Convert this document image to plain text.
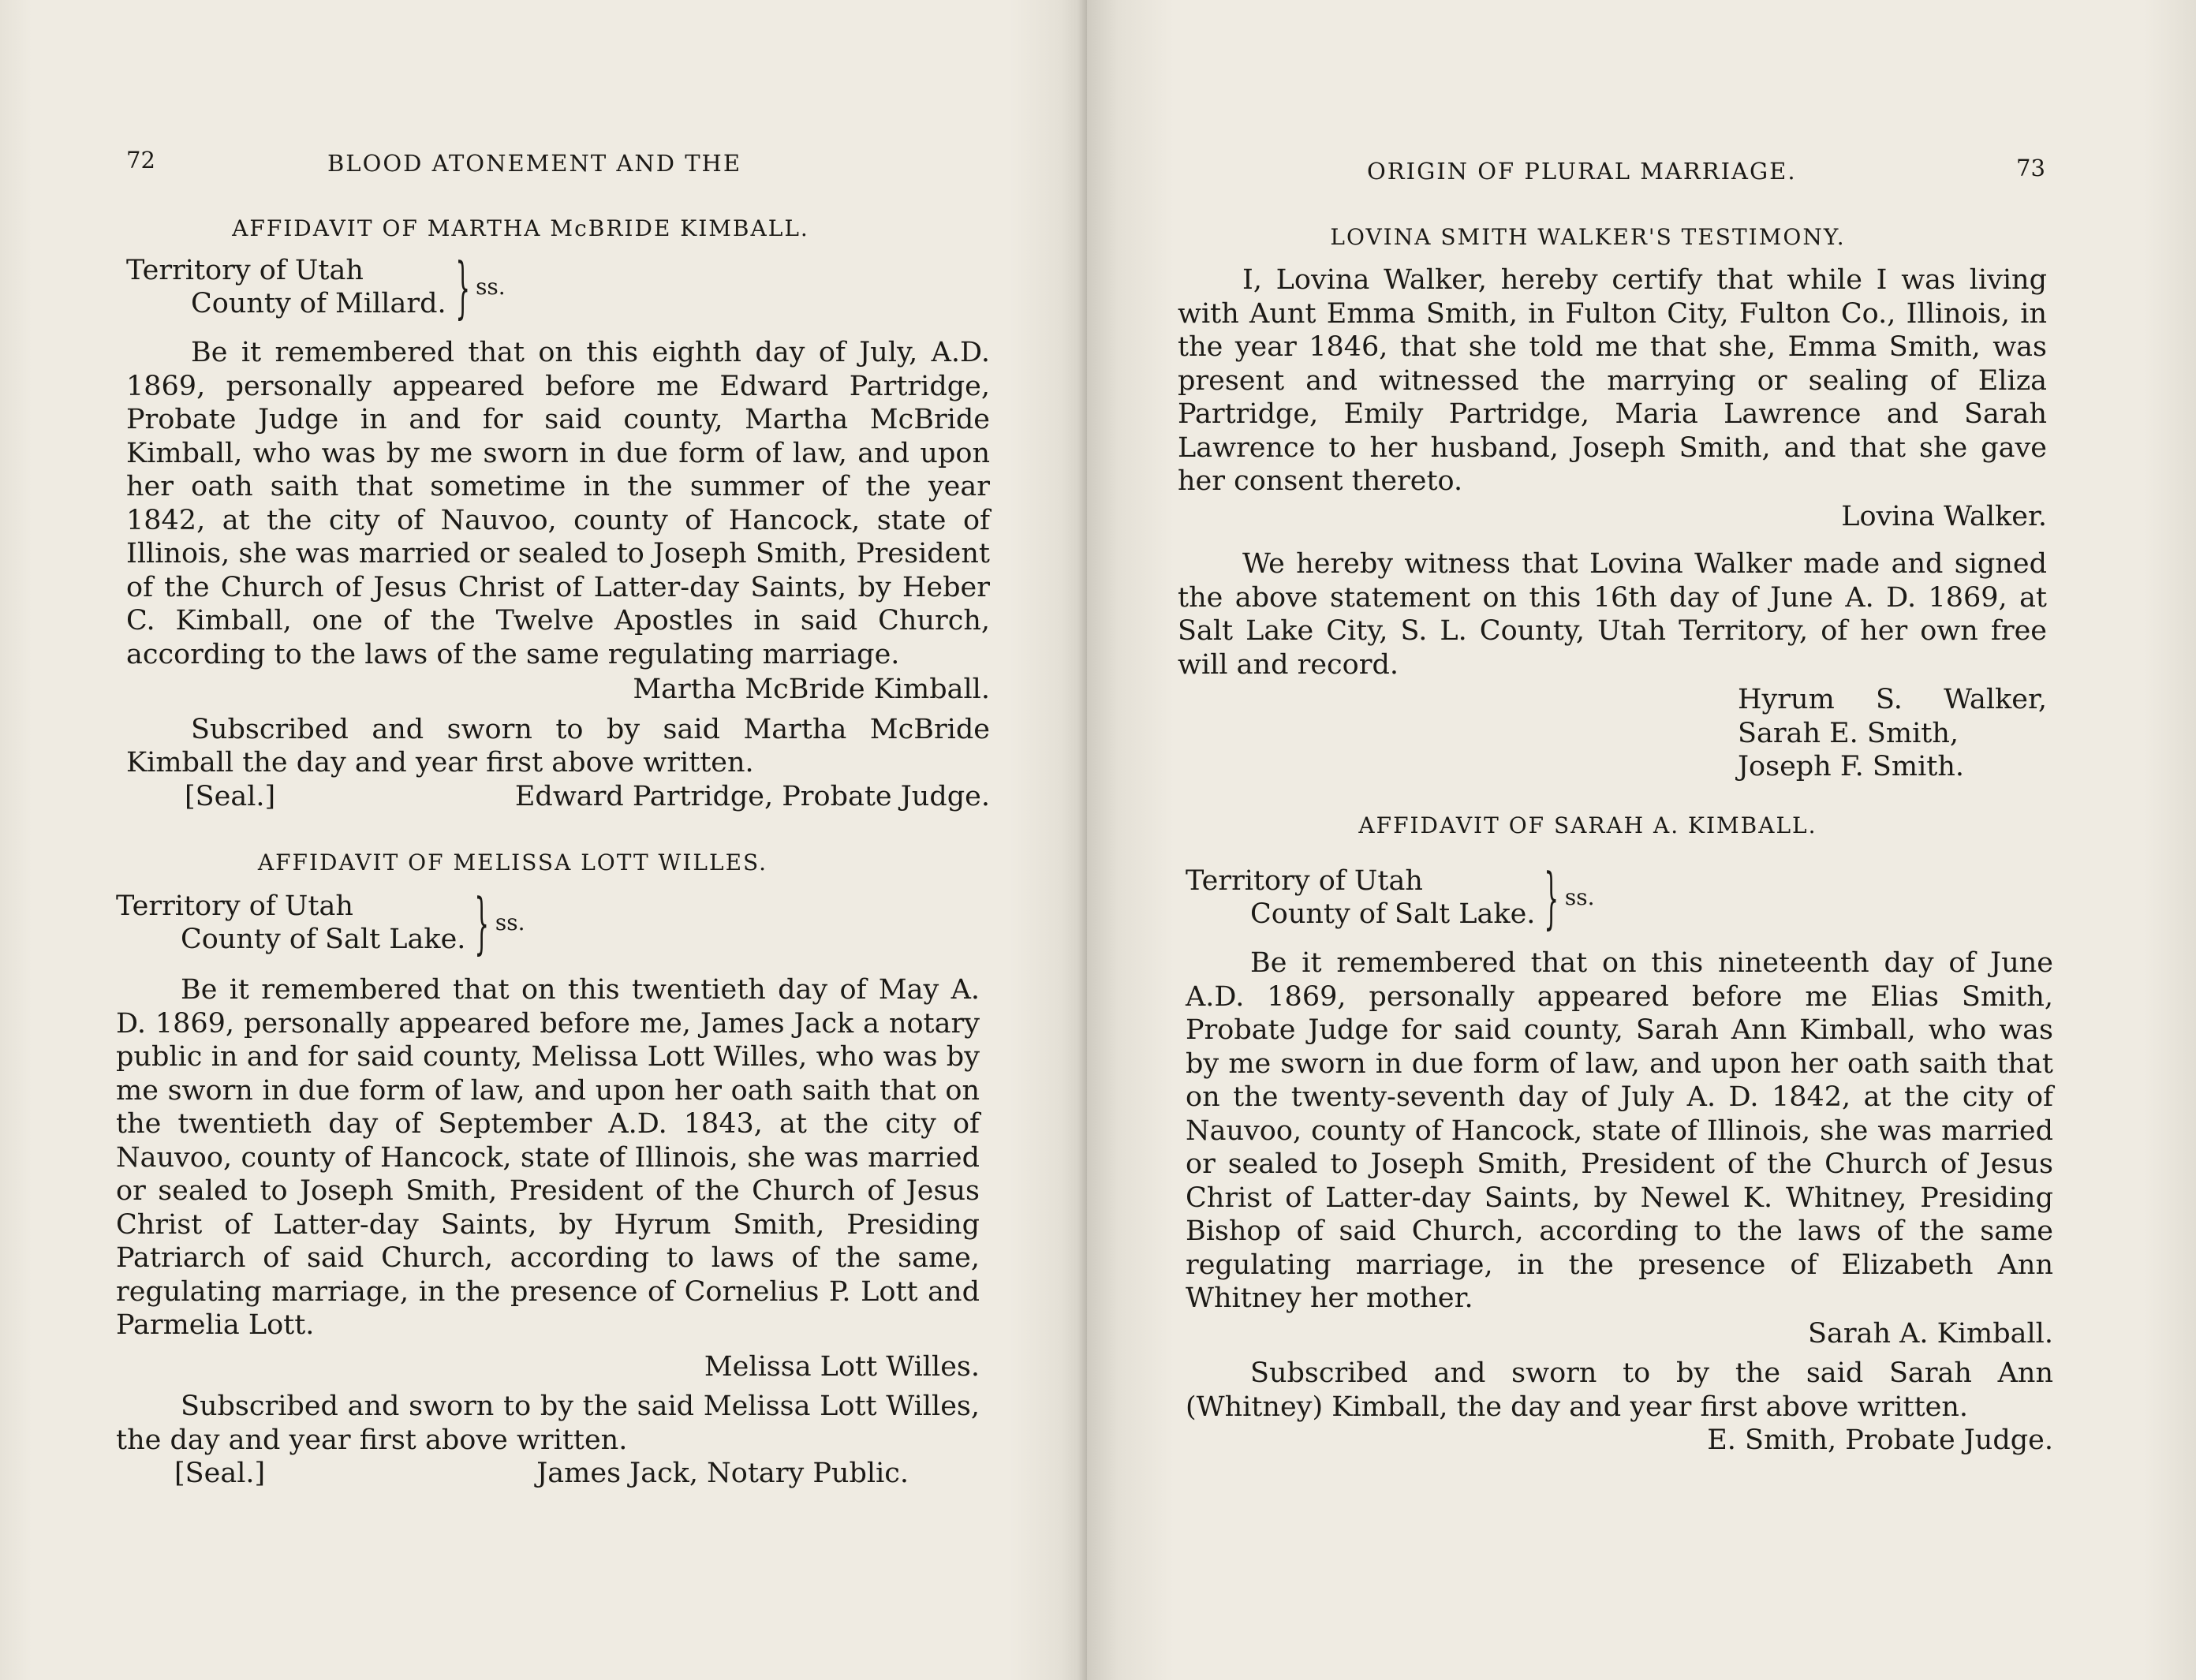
72	BLOOD ATONEMENT AND THE
AFFIDAVIT OF MARTHA McBRIDE KIMBALL.
Territory of Utah
County of Millard. } ss.

Be it remembered that on this eighth day of July, A.D. 1869, personally appeared before me Edward Partridge, Probate Judge in and for said county, Martha McBride Kimball, who was by me sworn in due form of law, and upon her oath saith that sometime in the summer of the year 1842, at the city of Nauvoo, county of Hancock, state of Illinois, she was married or sealed to Joseph Smith, President of the Church of Jesus Christ of Latter-day Saints, by Heber C. Kimball, one of the Twelve Apostles in said Church, according to the laws of the same regulating marriage.

Martha McBride Kimball.

Subscribed and sworn to by said Martha McBride Kimball the day and year first above written.

[Seal.]	Edward Partridge, Probate Judge.
AFFIDAVIT OF MELISSA LOTT WILLES.
Territory of Utah
County of Salt Lake. } ss.

Be it remembered that on this twentieth day of May A. D. 1869, personally appeared before me, James Jack a notary public in and for said county, Melissa Lott Willes, who was by me sworn in due form of law, and upon her oath saith that on the twentieth day of September A.D. 1843, at the city of Nauvoo, county of Hancock, state of Illinois, she was married or sealed to Joseph Smith, President of the Church of Jesus Christ of Latter-day Saints, by Hyrum Smith, Presiding Patriarch of said Church, according to laws of the same, regulating marriage, in the presence of Cornelius P. Lott and Parmelia Lott.

Melissa Lott Willes.

Subscribed and sworn to by the said Melissa Lott Willes, the day and year first above written.

[Seal.]	James Jack, Notary Public.
ORIGIN OF PLURAL MARRIAGE.	73
LOVINA SMITH WALKER'S TESTIMONY.

I, Lovina Walker, hereby certify that while I was living with Aunt Emma Smith, in Fulton City, Fulton Co., Illinois, in the year 1846, that she told me that she, Emma Smith, was present and witnessed the marrying or sealing of Eliza Partridge, Emily Partridge, Maria Lawrence and Sarah Lawrence to her husband, Joseph Smith, and that she gave her consent thereto.

Lovina Walker.

We hereby witness that Lovina Walker made and signed the above statement on this 16th day of June A. D. 1869, at Salt Lake City, S. L. County, Utah Territory, of her own free will and record.

Hyrum S. Walker,

Sarah E. Smith,

Joseph F. Smith.

AFFIDAVIT OF SARAH A. KIMBALL.
Territory of Utah
County of Salt Lake. } ss.

Be it remembered that on this nineteenth day of June A.D. 1869, personally appeared before me Elias Smith, Probate Judge for said county, Sarah Ann Kimball, who was by me sworn in due form of law, and upon her oath saith that on the twenty-seventh day of July A. D. 1842, at the city of Nauvoo, county of Hancock, state of Illinois, she was married or sealed to Joseph Smith, President of the Church of Jesus Christ of Latter-day Saints, by Newel K. Whitney, Presiding Bishop of said Church, according to the laws of the same regulating marriage, in the presence of Elizabeth Ann Whitney her mother.

Sarah A. Kimball.

Subscribed and sworn to by the said Sarah Ann (Whitney) Kimball, the day and year first above written.

E. Smith, Probate Judge.
